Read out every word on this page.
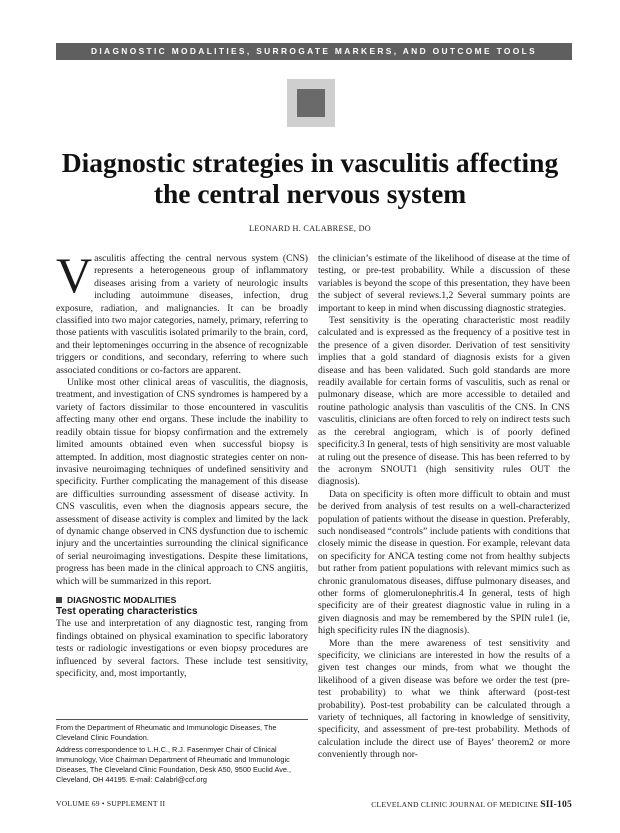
DIAGNOSTIC MODALITIES, SURROGATE MARKERS, AND OUTCOME TOOLS
Diagnostic strategies in vasculitis affecting
the central nervous system
LEONARD H. CALABRESE, DO

Vasculitis affecting the central nervous system (CNS) represents a heterogeneous group of inflammatory diseases arising from a variety of neurologic insults including autoimmune diseases, infection, drug exposure, radiation, and malignancies. It can be broadly classified into two major categories, namely, primary, referring to those patients with vasculitis isolated primarily to the brain, cord, and their leptomeninges occurring in the absence of recognizable triggers or conditions, and secondary, referring to where such associated conditions or co-factors are apparent.

Unlike most other clinical areas of vasculitis, the diagnosis, treatment, and investigation of CNS syndromes is hampered by a variety of factors dissimilar to those encountered in vasculitis affecting many other end organs. These include the inability to readily obtain tissue for biopsy confirmation and the extremely limited amounts obtained even when successful biopsy is attempted. In addition, most diagnostic strategies center on non-invasive neuroimaging techniques of undefined sensitivity and specificity. Further complicating the management of this disease are difficulties surrounding assessment of disease activity. In CNS vasculitis, even when the diagnosis appears secure, the assessment of disease activity is complex and limited by the lack of dynamic change observed in CNS dysfunction due to ischemic injury and the uncertainties surrounding the clinical significance of serial neuroimaging investigations. Despite these limitations, progress has been made in the clinical approach to CNS angiitis, which will be summarized in this report.

DIAGNOSTIC MODALITIES
Test operating characteristics

The use and interpretation of any diagnostic test, ranging from findings obtained on physical examination to specific laboratory tests or radiologic investigations or even biopsy procedures are influenced by several factors. These include test sensitivity, specificity, and, most importantly,

the clinician’s estimate of the likelihood of disease at the time of testing, or pre-test probability. While a discussion of these variables is beyond the scope of this presentation, they have been the subject of several reviews.1,2 Several summary points are important to keep in mind when discussing diagnostic strategies.

Test sensitivity is the operating characteristic most readily calculated and is expressed as the frequency of a positive test in the presence of a given disorder. Derivation of test sensitivity implies that a gold standard of diagnosis exists for a given disease and has been validated. Such gold standards are more readily available for certain forms of vasculitis, such as renal or pulmonary disease, which are more accessible to detailed and routine pathologic analysis than vasculitis of the CNS. In CNS vasculitis, clinicians are often forced to rely on indirect tests such as the cerebral angiogram, which is of poorly defined specificity.3 In general, tests of high sensitivity are most valuable at ruling out the presence of disease. This has been referred to by the acronym SNOUT1 (high sensitivity rules OUT the diagnosis).

Data on specificity is often more difficult to obtain and must be derived from analysis of test results on a well-characterized population of patients without the disease in question. Preferably, such nondiseased “controls” include patients with conditions that closely mimic the disease in question. For example, relevant data on specificity for ANCA testing come not from healthy subjects but rather from patient populations with relevant mimics such as chronic granulomatous diseases, diffuse pulmonary diseases, and other forms of glomerulonephritis.4 In general, tests of high specificity are of their greatest diagnostic value in ruling in a given diagnosis and may be remembered by the SPIN rule1 (ie, high specificity rules IN the diagnosis).

More than the mere awareness of test sensitivity and specificity, we clinicians are interested in how the results of a given test changes our minds, from what we thought the likelihood of a given disease was before we order the test (pre-test probability) to what we think afterward (post-test probability). Post-test probability can be calculated through a variety of techniques, all factoring in knowledge of sensitivity, specificity, and assessment of pre-test probability. Methods of calculation include the direct use of Bayes’ theorem2 or more conveniently through nor-

From the Department of Rheumatic and Immunologic Diseases, The Cleveland Clinic Foundation.

Address correspondence to L.H.C., R.J. Fasenmyer Chair of Clinical Immunology, Vice Chairman Department of Rheumatic and Immunologic Diseases, The Cleveland Clinic Foundation, Desk A50, 9500 Euclid Ave., Cleveland, OH 44195. E-mail: Calabrl@ccf.org

VOLUME 69 • SUPPLEMENT II	CLEVELAND CLINIC JOURNAL OF MEDICINE SII-105
